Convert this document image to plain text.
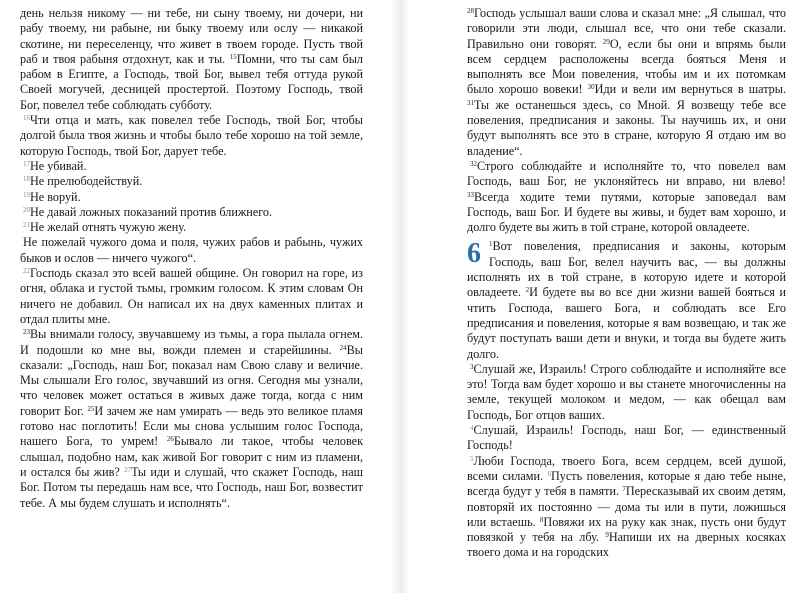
день нельзя никому — ни тебе, ни сыну твоему, ни дочери, ни рабу твоему, ни рабыне, ни быку твоему или ослу — никакой скотине, ни переселенцу, что живет в твоем городе. Пусть твой раб и твоя рабыня отдохнут, как и ты. $^{15}$Помни, что ты сам был рабом в Египте, а Господь, твой Бог, вывел тебя оттуда рукой Своей могучей, десницей простертой. Поэтому Господь, твой Бог, повелел тебе соблюдать субботу.

$^{16}$Чти отца и мать, как повелел тебе Господь, твой Бог, чтобы долгой была твоя жизнь и чтобы было тебе хорошо на той земле, которую Господь, твой Бог, дарует тебе.

$^{17}$Не убивай.

$^{18}$Не прелюбодействуй.

$^{19}$Не воруй.

$^{20}$Не давай ложных показаний против ближнего.

$^{21}$Не желай отнять чужую жену.

Не пожелай чужого дома и поля, чужих рабов и рабынь, чужих быков и ослов — ничего чужого“.

$^{22}$Господь сказал это всей вашей общине. Он говорил на горе, из огня, облака и густой тьмы, громким голосом. К этим словам Он ничего не добавил. Он написал их на двух каменных плитах и отдал плиты мне.

$^{23}$Вы внимали голосу, звучавшему из тьмы, а гора пылала огнем. И подошли ко мне вы, вожди племен и старейшины. $^{24}$Вы сказали: „Господь, наш Бог, показал нам Свою славу и величие. Мы слышали Его голос, звучавший из огня. Сегодня мы узнали, что человек может остаться в живых даже тогда, когда с ним говорит Бог. $^{25}$И зачем же нам умирать — ведь это великое пламя готово нас поглотить! Если мы снова услышим голос Господа, нашего Бога, то умрем! $^{26}$Бывало ли такое, чтобы человек слышал, подобно нам, как живой Бог говорит с ним из пламени, и остался бы жив? $^{27}$Ты иди и слушай, что скажет Господь, наш Бог. Потом ты передашь нам все, что Господь, наш Бог, возвестит тебе. А мы будем слушать и исполнять“.

$^{28}$Господь услышал ваши слова и сказал мне: „Я слышал, что говорили эти люди, слышал все, что они тебе сказали. Правильно они говорят. $^{29}$О, если бы они и впрямь были всем сердцем расположены всегда бояться Меня и выполнять все Мои повеления, чтобы им и их потомкам было хорошо вовеки! $^{30}$Иди и вели им вернуться в шатры. $^{31}$Ты же останешься здесь, со Мной. Я возвещу тебе все повеления, предписания и законы. Ты научишь их, и они будут выполнять все это в стране, которую Я отдаю им во владение“.

$^{32}$Строго соблюдайте и исполняйте то, что повелел вам Господь, ваш Бог, не уклоняйтесь ни вправо, ни влево! $^{33}$Всегда ходите теми путями, которые заповедал вам Господь, ваш Бог. И будете вы живы, и будет вам хорошо, и долго будете вы жить в той стране, которой овладеете.

6 $^1$Вот повеления, предписания и законы, которым Господь, ваш Бог, велел научить вас, — вы должны исполнять их в той стране, в которую идете и которой овладеете. $^2$И будете вы во все дни жизни вашей бояться и чтить Господа, вашего Бога, и соблюдать все Его предписания и повеления, которые я вам возвещаю, и так же будут поступать ваши дети и внуки, и тогда вы будете жить долго.

$^3$Слушай же, Израиль! Строго соблюдайте и исполняйте все это! Тогда вам будет хорошо и вы станете многочисленны на земле, текущей молоком и медом, — как обещал вам Господь, Бог отцов ваших.

$^4$Слушай, Израиль! Господь, наш Бог, — единственный Господь!

$^5$Люби Господа, твоего Бога, всем сердцем, всей душой, всеми силами. $^6$Пусть повеления, которые я даю тебе ныне, всегда будут у тебя в памяти. $^7$Пересказывай их своим детям, повторяй их постоянно — дома ты или в пути, ложишься или встаешь. $^8$Повяжи их на руку как знак, пусть они будут повязкой у тебя на лбу. $^9$Напиши их на дверных косяках твоего дома и на городских
